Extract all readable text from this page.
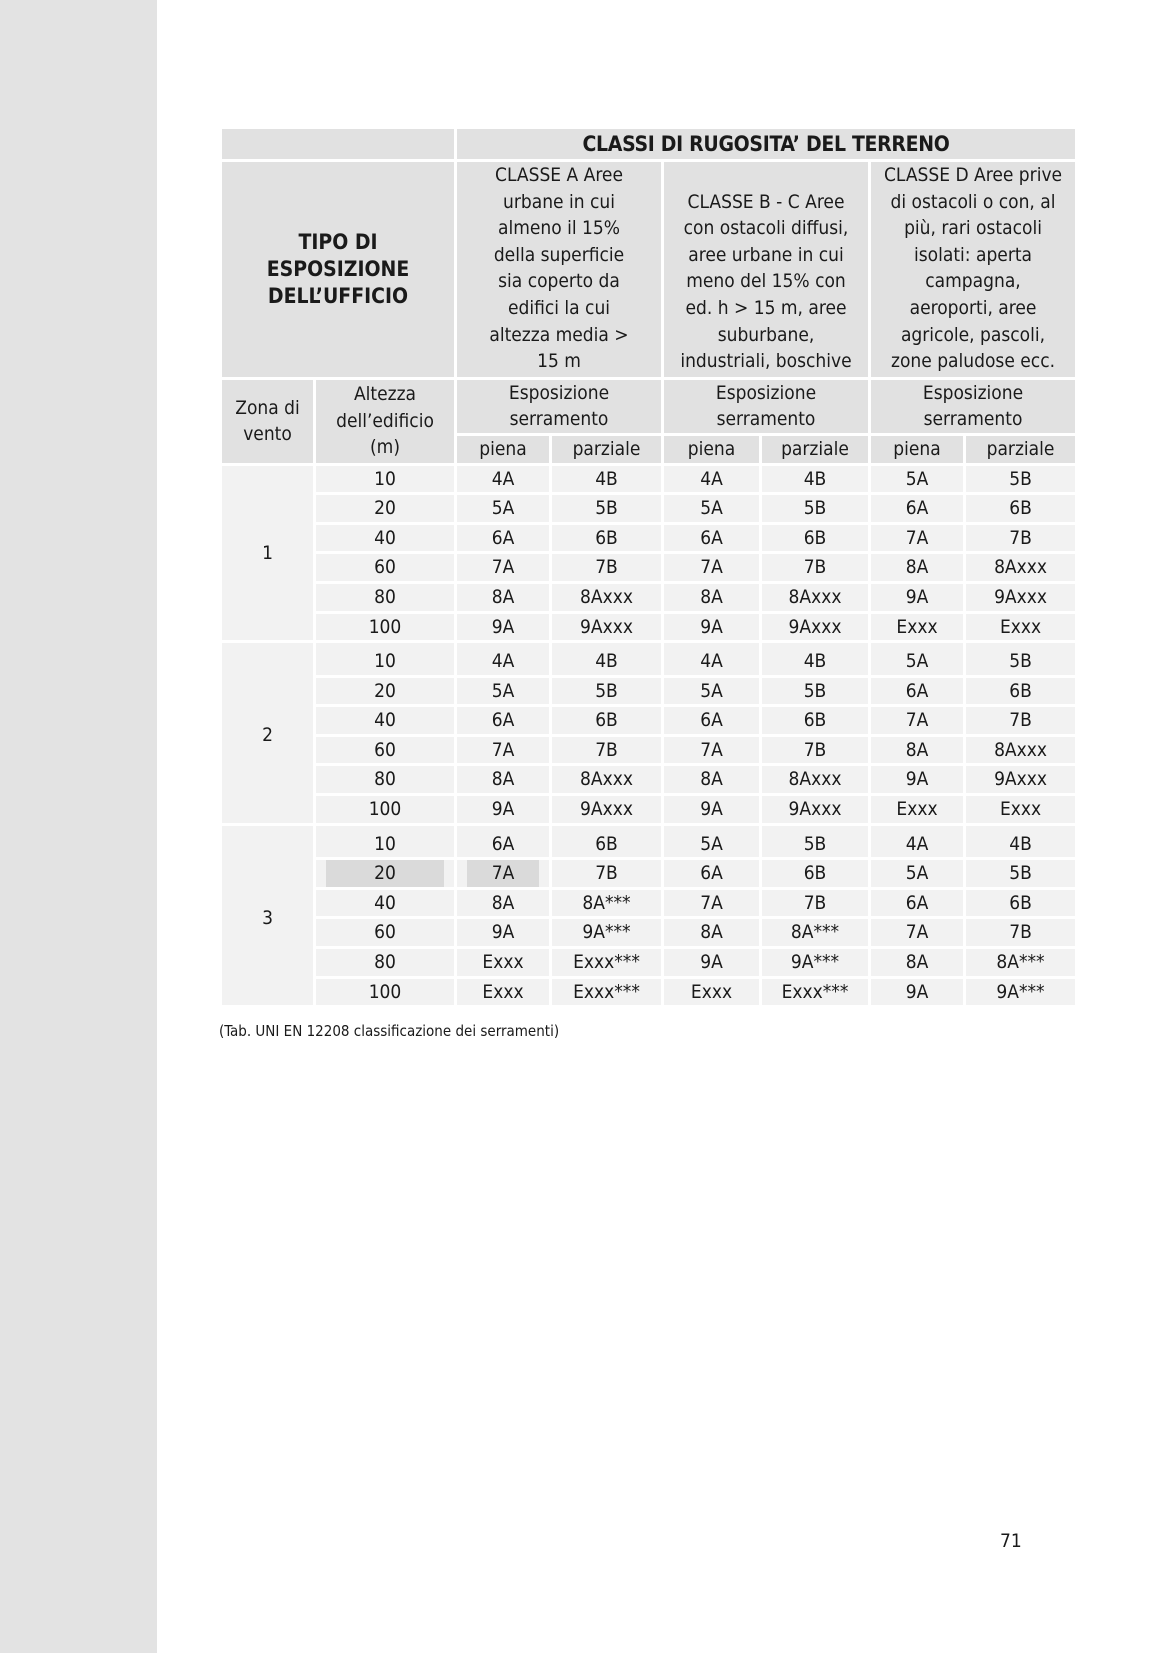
		CLASSI DI RUGOSITA’ DEL TERRENO					
TIPO DI ESPOSIZIONE DELL’UFFICIO		CLASSE A Aree urbane in cui almeno il 15% della superficie sia coperto da edifici la cui altezza media > 15 m		CLASSE B - C Aree con ostacoli diffusi, aree urbane in cui meno del 15% con ed. h > 15 m, aree suburbane, industriali, boschive		CLASSE D Aree prive di ostacoli o con, al più, rari ostacoli isolati: aperta campagna, aeroporti, aree agricole, pascoli, zone paludose ecc.	
Zona di vento	Altezza dell’edificio (m)	Esposizione serramento		Esposizione serramento		Esposizione serramento	
		piena	parziale	piena	parziale	piena	parziale
1	10	4A	4B	4A	4B	5A	5B
	20	5A	5B	5A	5B	6A	6B
	40	6A	6B	6A	6B	7A	7B
	60	7A	7B	7A	7B	8A	8Axxx
	80	8A	8Axxx	8A	8Axxx	9A	9Axxx
	100	9A	9Axxx	9A	9Axxx	Exxx	Exxx
2	10	4A	4B	4A	4B	5A	5B
	20	5A	5B	5A	5B	6A	6B
	40	6A	6B	6A	6B	7A	7B
	60	7A	7B	7A	7B	8A	8Axxx
	80	8A	8Axxx	8A	8Axxx	9A	9Axxx
	100	9A	9Axxx	9A	9Axxx	Exxx	Exxx
3	10	6A	6B	5A	5B	4A	4B
	20	7A	7B	6A	6B	5A	5B
	40	8A	8A***	7A	7B	6A	6B
	60	9A	9A***	8A	8A***	7A	7B
	80	Exxx	Exxx***	9A	9A***	8A	8A***
	100	Exxx	Exxx***	Exxx	Exxx***	9A	9A***
(Tab. UNI EN 12208 classificazione dei serramenti)
71
